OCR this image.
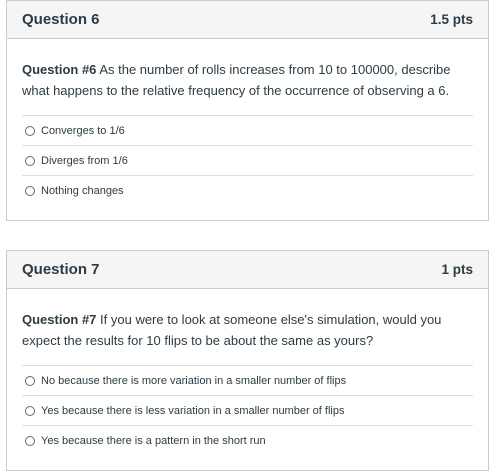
Question 6	1.5 pts

Question #6 As the number of rolls increases from 10 to 100000, describe what happens to the relative frequency of the occurrence of observing a 6.

Converges to 1/6
Diverges from 1/6
Nothing changes
Question 7	1 pts

Question #7 If you were to look at someone else's simulation, would you expect the results for 10 flips to be about the same as yours?

No because there is more variation in a smaller number of flips
Yes because there is less variation in a smaller number of flips
Yes because there is a pattern in the short run
